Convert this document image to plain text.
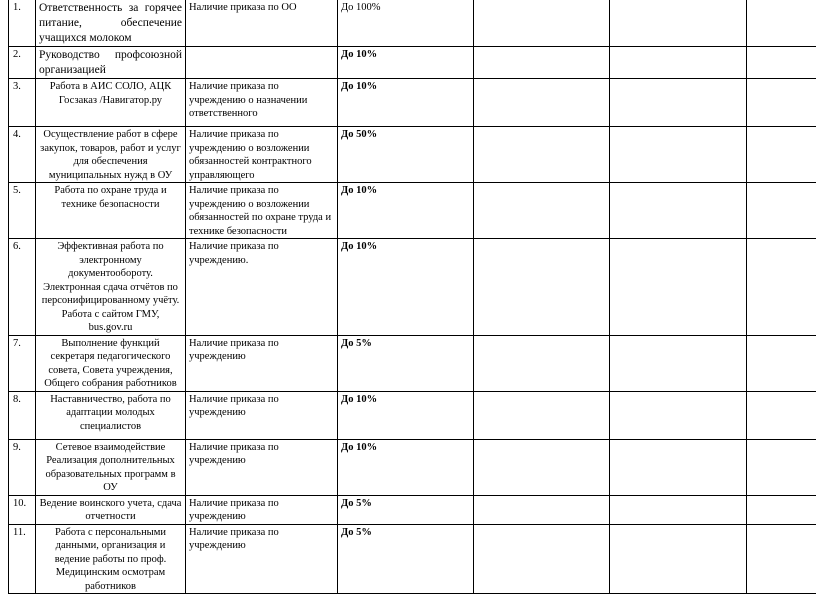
1.	Ответственность за горячее питание, обеспечение учащихся молоком	Наличие приказа по ОО	До 100%			
2.	Руководство профсоюзной организацией		До 10%			
3.	Работа в АИС СОЛО, АЦК Госзаказ /Навигатор.ру	Наличие приказа по учреждению о назначении ответственного	До 10%			
4.	Осуществление работ в сфере закупок, товаров, работ и услуг для обеспечения муниципальных нужд в ОУ	Наличие приказа по учреждению о возложении обязанностей контрактного управляющего	До 50%			
5.	Работа по охране труда и технике безопасности	Наличие приказа по учреждению о возложении обязанностей по охране труда и технике безопасности	До 10%			
6.	Эффективная работа по электронному документообороту. Электронная сдача отчётов по персонифицированному учёту. Работа с сайтом ГМУ, bus.gov.ru	Наличие приказа по учреждению.	До 10%			
7.	Выполнение функций секретаря педагогического совета, Совета учреждения, Общего собрания работников	Наличие приказа по учреждению	До 5%			
8.	Наставничество, работа по адаптации молодых специалистов	Наличие приказа по учреждению	До 10%			
9.	Сетевое взаимодействие Реализация дополнительных образовательных программ в ОУ	Наличие приказа по учреждению	До 10%			
10.	Ведение воинского учета, сдача отчетности	Наличие приказа по учреждению	До 5%			
11.	Работа с персональными данными, организация и ведение работы по проф. Медицинским осмотрам работников	Наличие приказа по учреждению	До 5%			
